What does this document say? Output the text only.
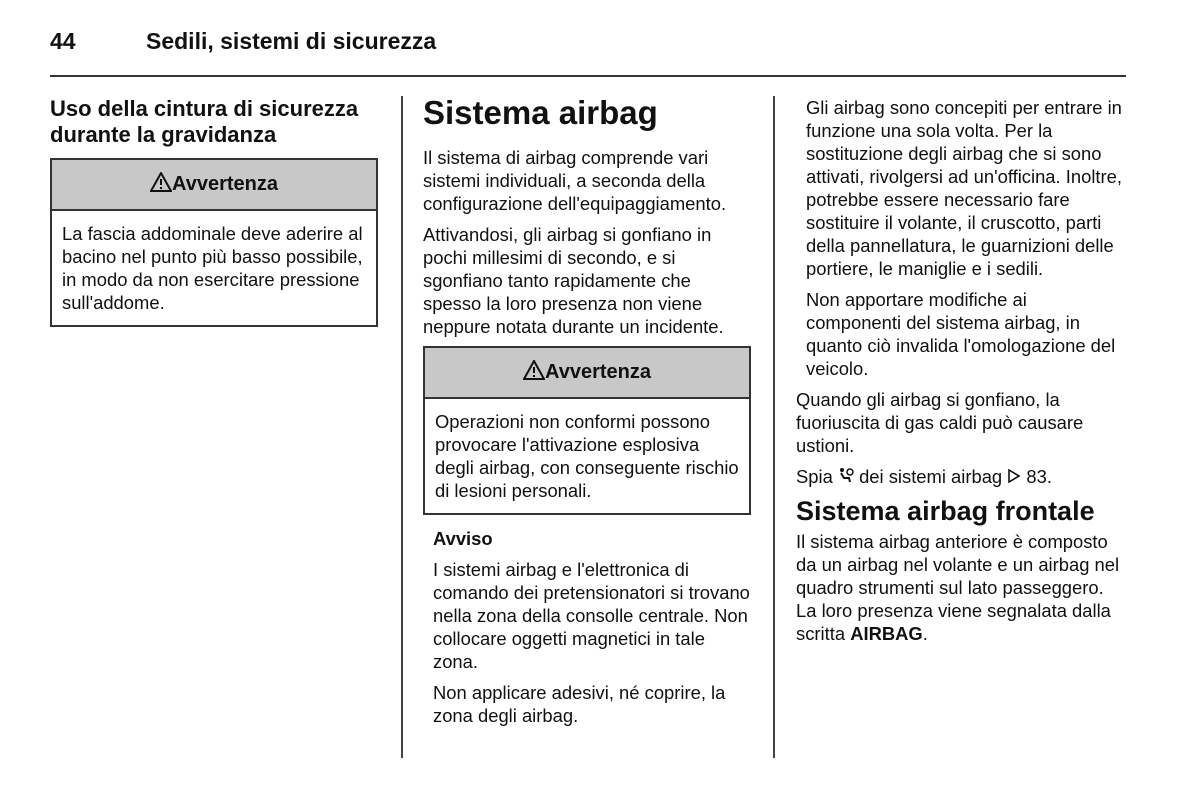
44	Sedili, sistemi di sicurezza
Uso della cintura di sicurezza durante la gravidanza
Avvertenza
La fascia addominale deve aderire al bacino nel punto più basso possibile, in modo da non esercitare pressione sull'addome.
Sistema airbag

Il sistema di airbag comprende vari sistemi individuali, a seconda della configurazione dell'equipaggiamento.

Attivandosi, gli airbag si gonfiano in pochi millesimi di secondo, e si sgonfiano tanto rapidamente che spesso la loro presenza non viene neppure notata durante un incidente.

Avvertenza
Operazioni non conformi possono provocare l'attivazione esplosiva degli airbag, con conseguente rischio di lesioni personali.

Avviso

I sistemi airbag e l'elettronica di comando dei pretensionatori si trovano nella zona della consolle centrale. Non collocare oggetti magnetici in tale zona.

Non applicare adesivi, né coprire, la zona degli airbag.

Gli airbag sono concepiti per entrare in funzione una sola volta. Per la sostituzione degli airbag che si sono attivati, rivolgersi ad un'officina. Inoltre, potrebbe essere necessario fare sostituire il volante, il cruscotto, parti della pannellatura, le guarnizioni delle portiere, le maniglie e i sedili.

Non apportare modifiche ai componenti del sistema airbag, in quanto ciò invalida l'omologazione del veicolo.

Quando gli airbag si gonfiano, la fuoriuscita di gas caldi può causare ustioni.

Spia dei sistemi airbag 83.

Sistema airbag frontale

Il sistema airbag anteriore è composto da un airbag nel volante e un airbag nel quadro strumenti sul lato passeggero. La loro presenza viene segnalata dalla scritta AIRBAG.
